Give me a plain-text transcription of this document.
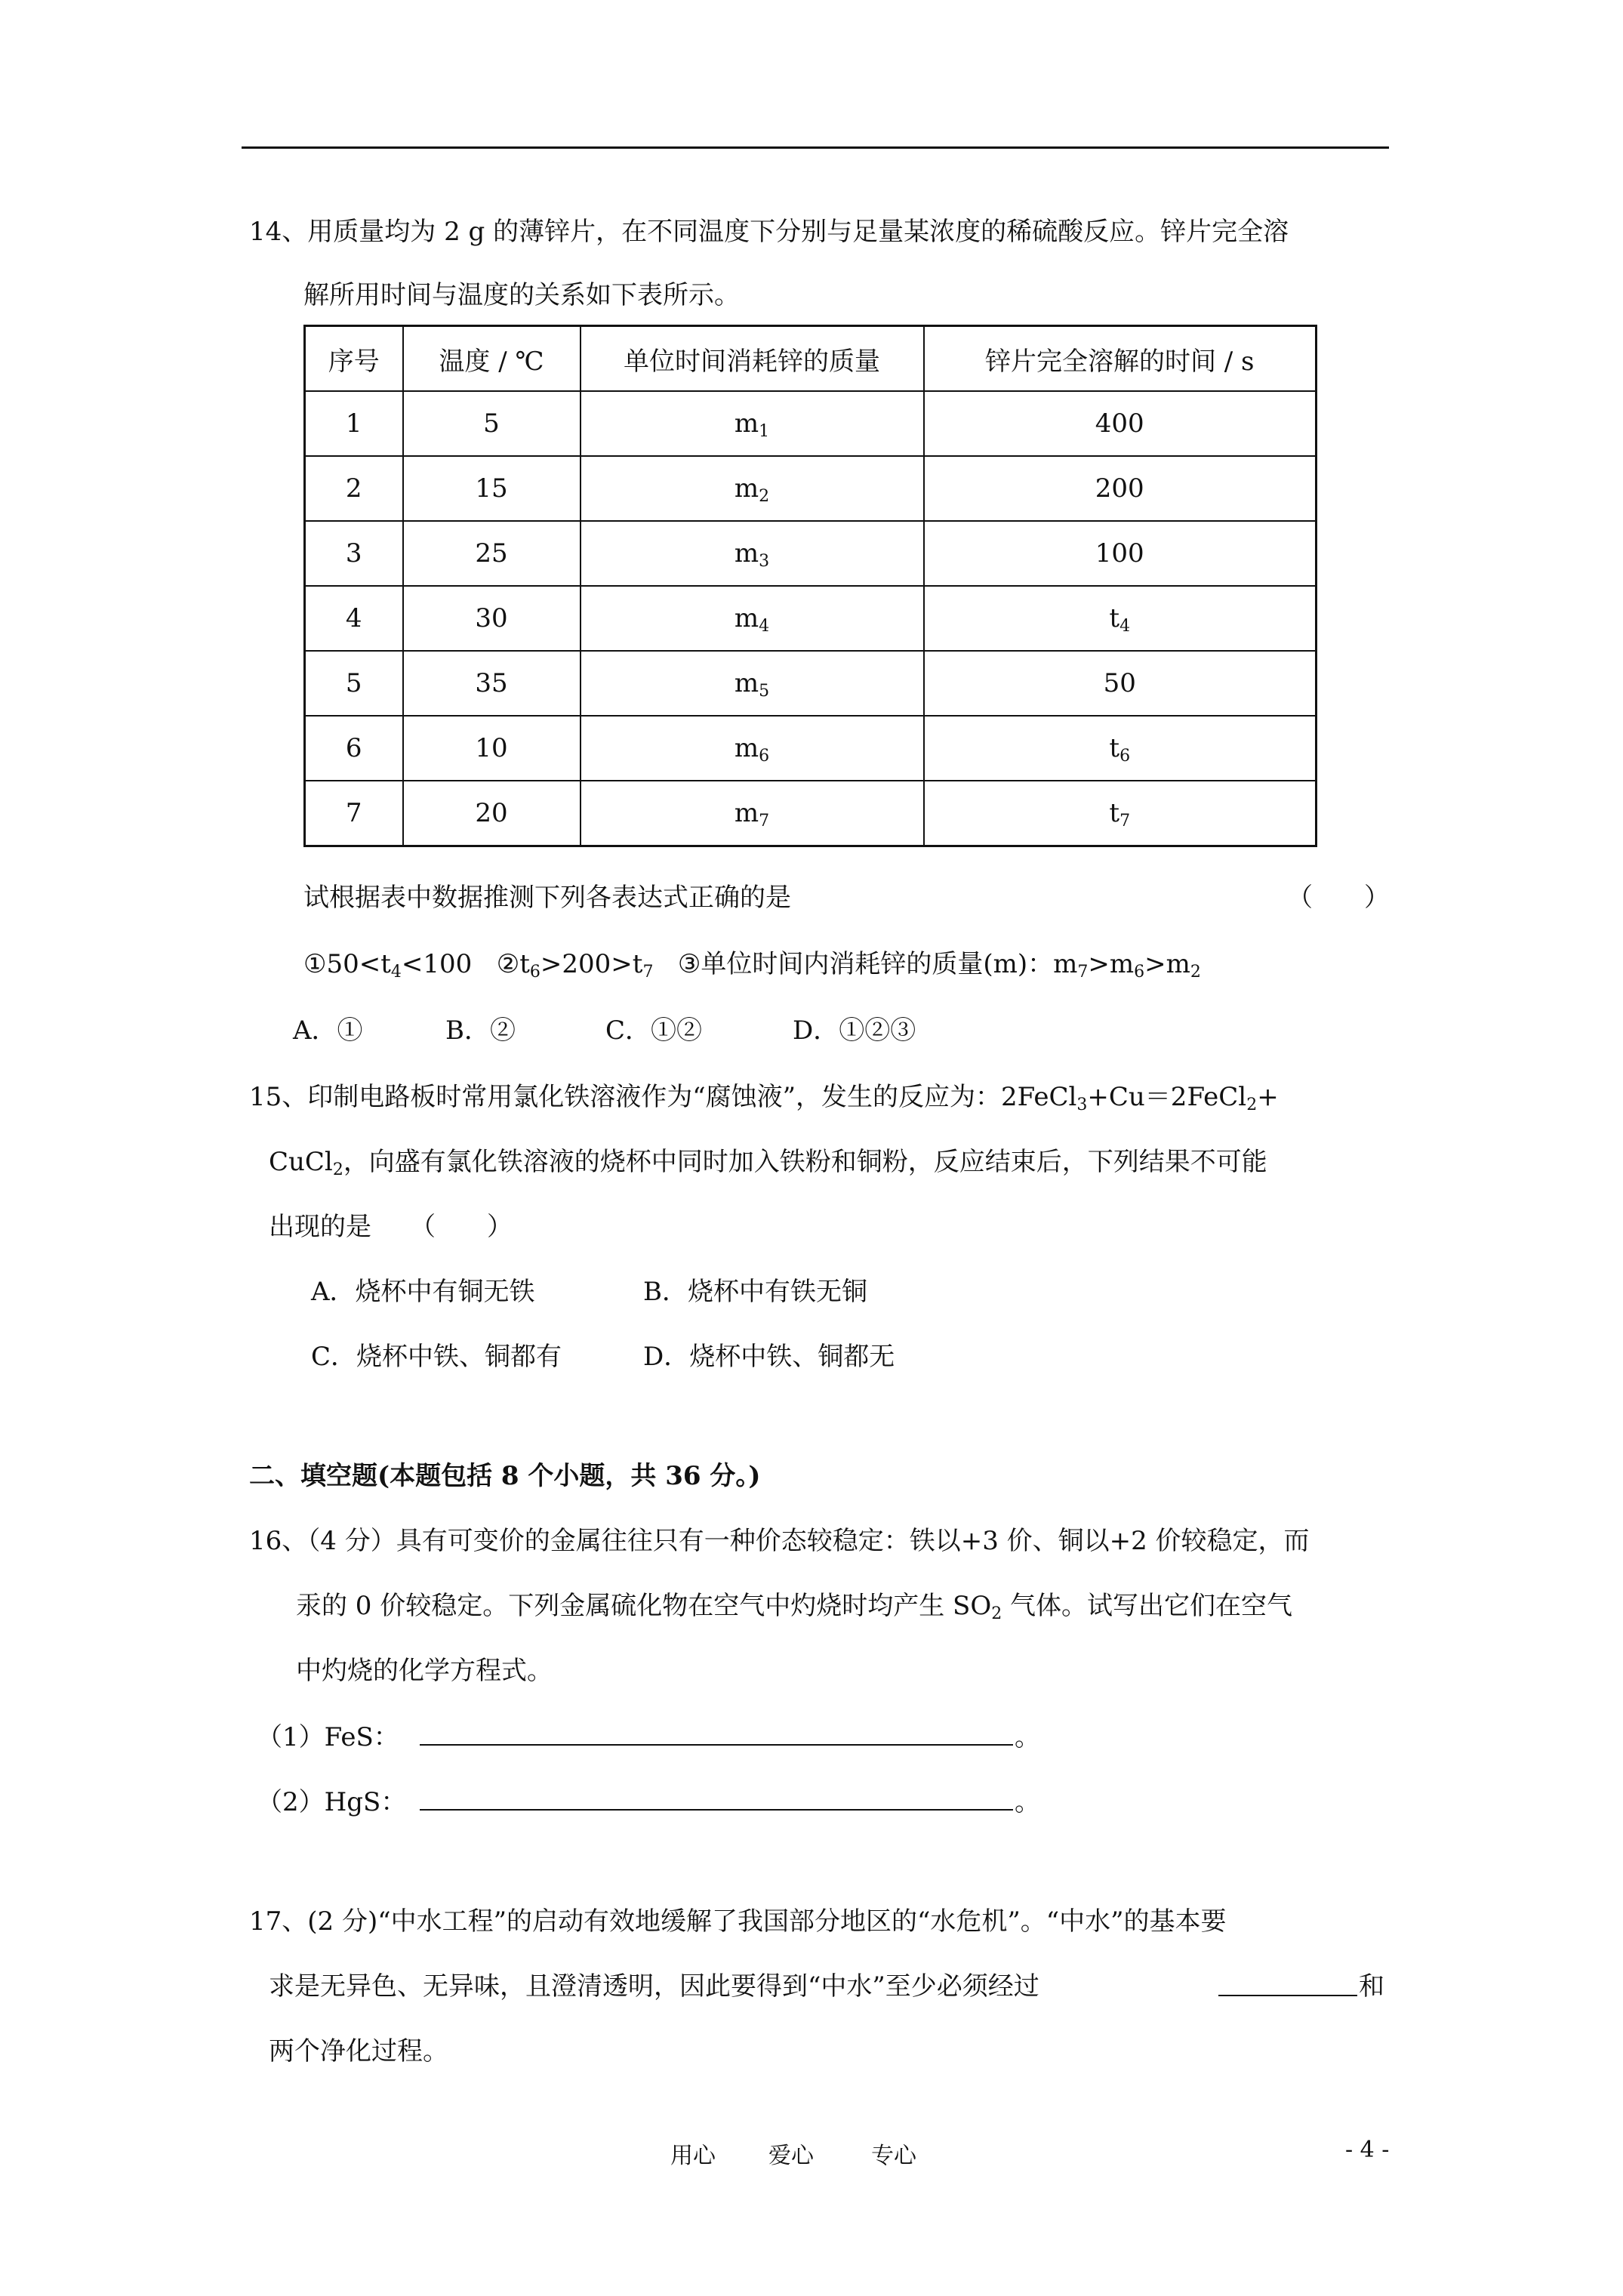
14、用质量均为 2 g 的薄锌片，在不同温度下分别与足量某浓度的稀硫酸反应。锌片完全溶
解所用时间与温度的关系如下表所示。
序号	温度 / ℃	单位时间消耗锌的质量	锌片完全溶解的时间 / s
1	5	$m_1$	400
2	15	$m_2$	200
3	25	$m_3$	100
4	30	$m_4$	$t_4$
5	35	$m_5$	50
6	10	$m_6$	$t_6$
7	20	$m_7$	$t_7$
试根据表中数据推测下列各表达式正确的是	（　　）
$①50<t_4<100$ $②t_6>200>t_7$ ③单位时间内消耗锌的质量(m)：$m_7>m_6>m_2$
A．①	B．②	C．①②	D．①②③
15、印制电路板时常用氯化铁溶液作为“腐蚀液”，发生的反应为：2FeCl$_3$+Cu＝2FeCl$_2$+
CuCl$_2$，向盛有氯化铁溶液的烧杯中同时加入铁粉和铜粉，反应结束后，下列结果不可能
出现的是　　（　　）
A．烧杯中有铜无铁	B．烧杯中有铁无铜
C．烧杯中铁、铜都有	D．烧杯中铁、铜都无
二、填空题(本题包括 8 个小题，共 36 分。)
16、（4 分）具有可变价的金属往往只有一种价态较稳定：铁以+3 价、铜以+2 价较稳定，而
汞的 0 价较稳定。下列金属硫化物在空气中灼烧时均产生 $SO_2$ 气体。试写出它们在空气
中灼烧的化学方程式。
（1）FeS：	。
（2）HgS：	。
17、(2 分)“中水工程”的启动有效地缓解了我国部分地区的“水危机”。“中水”的基本要
求是无异色、无异味，且澄清透明，因此要得到“中水”至少必须经过	和
两个净化过程。
用心 爱心	专心	- 4 -
